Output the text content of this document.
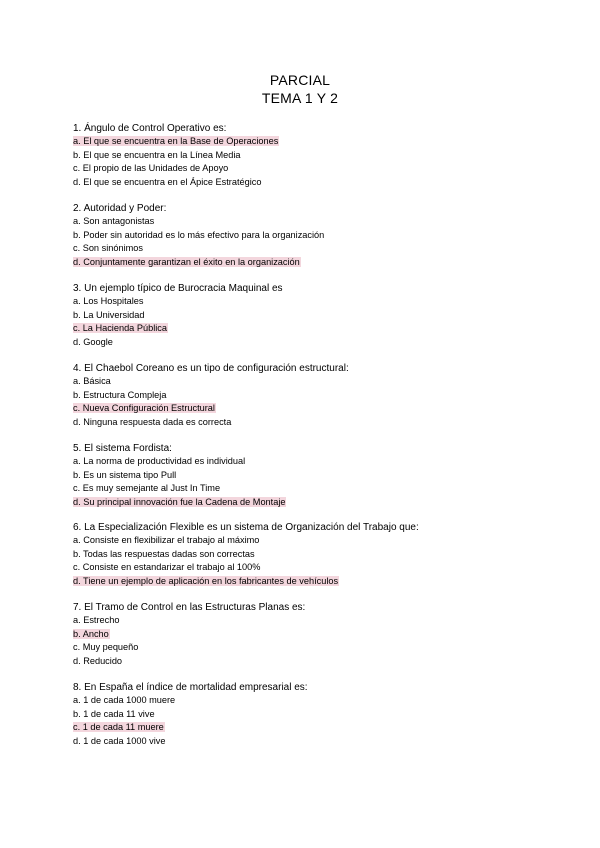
PARCIAL
TEMA 1 Y 2
1. Ángulo de Control Operativo es:
a. El que se encuentra en la Base de Operaciones
b. El que se encuentra en la Línea Media
c. El propio de las Unidades de Apoyo
d. El que se encuentra en el Ápice Estratégico
2. Autoridad y Poder:
a. Son antagonistas
b. Poder sin autoridad es lo más efectivo para la organización
c. Son sinónimos
d. Conjuntamente garantizan el éxito en la organización
3. Un ejemplo típico de Burocracia Maquinal es
a. Los Hospitales
b. La Universidad
c. La Hacienda Pública
d. Google
4. El Chaebol Coreano es un tipo de configuración estructural:
a. Básica
b. Estructura Compleja
c. Nueva Configuración Estructural
d. Ninguna respuesta dada es correcta
5. El sistema Fordista:
a. La norma de productividad es individual
b. Es un sistema tipo Pull
c. Es muy semejante al Just In Time
d. Su principal innovación fue la Cadena de Montaje
6. La Especialización Flexible es un sistema de Organización del Trabajo que:
a. Consiste en flexibilizar el trabajo al máximo
b. Todas las respuestas dadas son correctas
c. Consiste en estandarizar el trabajo al 100%
d. Tiene un ejemplo de aplicación en los fabricantes de vehículos
7. El Tramo de Control en las Estructuras Planas es:
a. Estrecho
b. Ancho
c. Muy pequeño
d. Reducido
8. En España el índice de mortalidad empresarial es:
a. 1 de cada 1000 muere
b. 1 de cada 11 vive
c. 1 de cada 11 muere
d. 1 de cada 1000 vive
